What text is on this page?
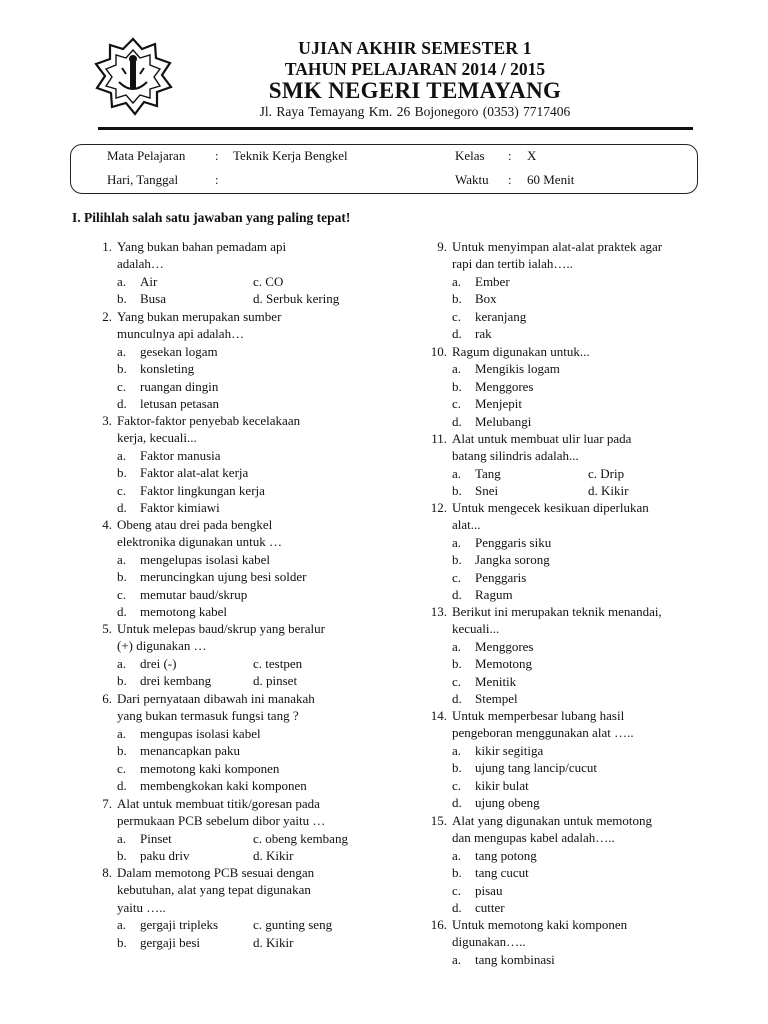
UJIAN AKHIR SEMESTER 1
TAHUN PELAJARAN 2014 / 2015
SMK NEGERI TEMAYANG
Jl. Raya Temayang Km. 26 Bojonegoro (0353) 7717406
Mata Pelajaran : Teknik Kerja Bengkel	Kelas : X
Hari, Tanggal	:	Waktu : 60 Menit
I. Pilihlah salah satu jawaban yang paling tepat!
1. Yang bukan bahan pemadam api
adalah…
a.	Air	c. CO
b.	Busa	d. Serbuk kering
2. Yang bukan merupakan sumber
munculnya api adalah…
a.	gesekan logam
b.	konsleting
c.	ruangan dingin
d.	letusan petasan
3. Faktor-faktor penyebab kecelakaan
kerja, kecuali...
a.	Faktor manusia
b.	Faktor alat-alat kerja
c.	Faktor lingkungan kerja
d.	Faktor kimiawi
4. Obeng atau drei pada bengkel
elektronika digunakan untuk …
a.	mengelupas isolasi kabel
b.	meruncingkan ujung besi solder
c.	memutar baud/skrup
d.	memotong kabel
5. Untuk melepas baud/skrup yang beralur
(+) digunakan …
a.	drei (-)	c. testpen
b.	drei kembang	d. pinset
6. Dari pernyataan dibawah ini manakah
yang bukan termasuk fungsi tang ?
a.	mengupas isolasi kabel
b.	menancapkan paku
c.	memotong kaki komponen
d.	membengkokan kaki komponen
7. Alat untuk membuat titik/goresan pada
permukaan PCB sebelum dibor yaitu …
a.	Pinset	c. obeng kembang
b.	paku driv	d. Kikir
8. Dalam memotong PCB sesuai dengan
kebutuhan, alat yang tepat digunakan
yaitu …..
a.	gergaji tripleks	c. gunting seng
b.	gergaji besi	d. Kikir
9. Untuk menyimpan alat-alat praktek agar
rapi dan tertib ialah…..
a.	Ember
b.	Box
c.	keranjang
d.	rak
10. Ragum digunakan untuk...
a.	Mengikis logam
b.	Menggores
c.	Menjepit
d.	Melubangi
11. Alat untuk membuat ulir luar pada
batang silindris adalah...
a.	Tang	c. Drip
b.	Snei	d. Kikir
12. Untuk mengecek kesikuan diperlukan
alat...
a.	Penggaris siku
b.	Jangka sorong
c.	Penggaris
d.	Ragum
13. Berikut ini merupakan teknik menandai,
kecuali...
a.	Menggores
b.	Memotong
c.	Menitik
d.	Stempel
14. Untuk memperbesar lubang hasil
pengeboran menggunakan alat …..
a.	kikir segitiga
b.	ujung tang lancip/cucut
c.	kikir bulat
d.	ujung obeng
15. Alat yang digunakan untuk memotong
dan mengupas kabel adalah…..
a.	tang potong
b.	tang cucut
c.	pisau
d.	cutter
16. Untuk memotong kaki komponen
digunakan…..
a.	tang kombinasi
